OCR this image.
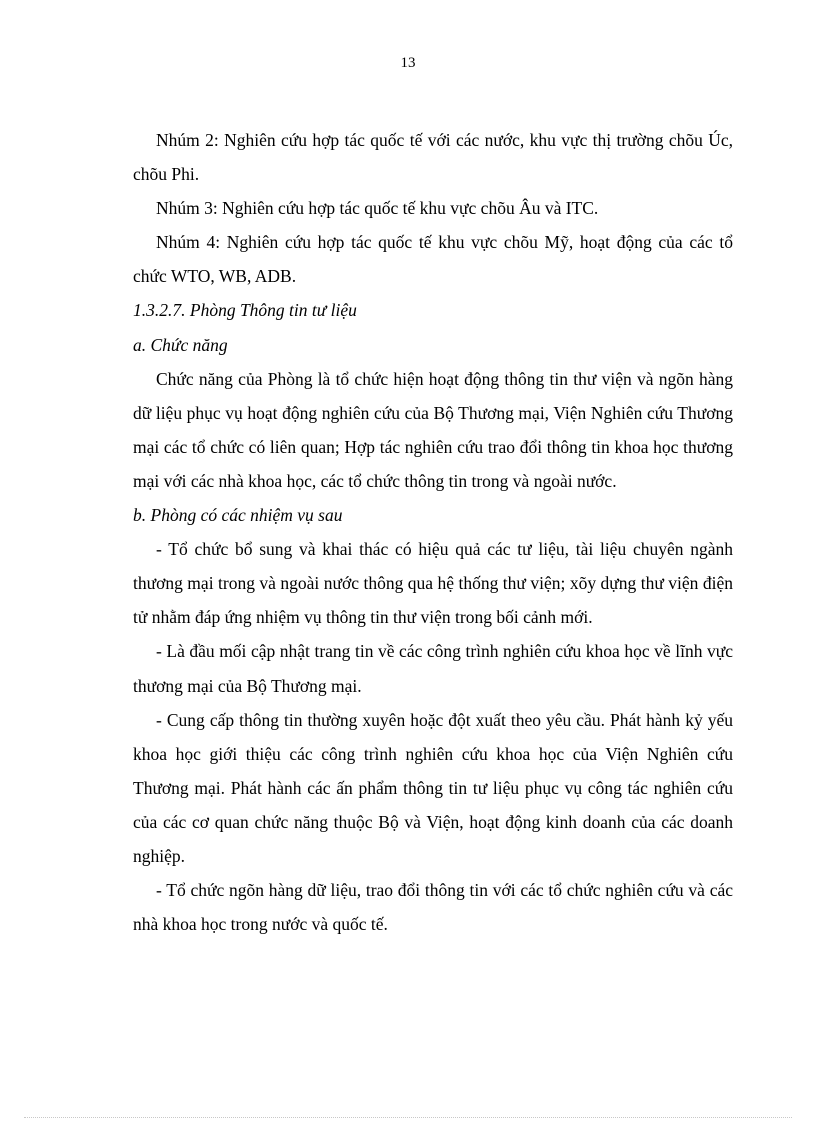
13

Nhúm 2: Nghiên cứu hợp tác quốc tế với các nước, khu vực thị trường chõu Úc, chõu Phi.

Nhúm 3: Nghiên cứu hợp tác quốc tế khu vực chõu Âu và ITC.

Nhúm 4: Nghiên cứu hợp tác quốc tế khu vực chõu Mỹ, hoạt động của các tổ chức WTO, WB, ADB.

1.3.2.7. Phòng Thông tin tư liệu

a. Chức năng

Chức năng của Phòng là tổ chức hiện hoạt động thông tin thư viện và ngõn hàng dữ liệu phục vụ hoạt động nghiên cứu của Bộ Thương mại, Viện Nghiên cứu Thương mại các tổ chức có liên quan; Hợp tác nghiên cứu trao đổi thông tin khoa học thương mại với các nhà khoa học, các tổ chức thông tin trong và ngoài nước.

b. Phòng có các nhiệm vụ sau

- Tổ chức bổ sung và khai thác có hiệu quả các tư liệu, tài liệu chuyên ngành thương mại trong và ngoài nước thông qua hệ thống thư viện; xõy dựng thư viện điện tử nhằm đáp ứng nhiệm vụ thông tin thư viện trong bối cảnh mới.

- Là đầu mối cập nhật trang tin về các công trình nghiên cứu khoa học về lĩnh vực thương mại của Bộ Thương mại.

- Cung cấp thông tin thường xuyên hoặc đột xuất theo yêu cầu. Phát hành kỷ yếu khoa học giới thiệu các công trình nghiên cứu khoa học của Viện Nghiên cứu Thương mại. Phát hành các ấn phẩm thông tin tư liệu phục vụ công tác nghiên cứu của các cơ quan chức năng thuộc Bộ và Viện, hoạt động kinh doanh của các doanh nghiệp.

- Tổ chức ngõn hàng dữ liệu, trao đổi thông tin với các tổ chức nghiên cứu và các nhà khoa học trong nước và quốc tế.
